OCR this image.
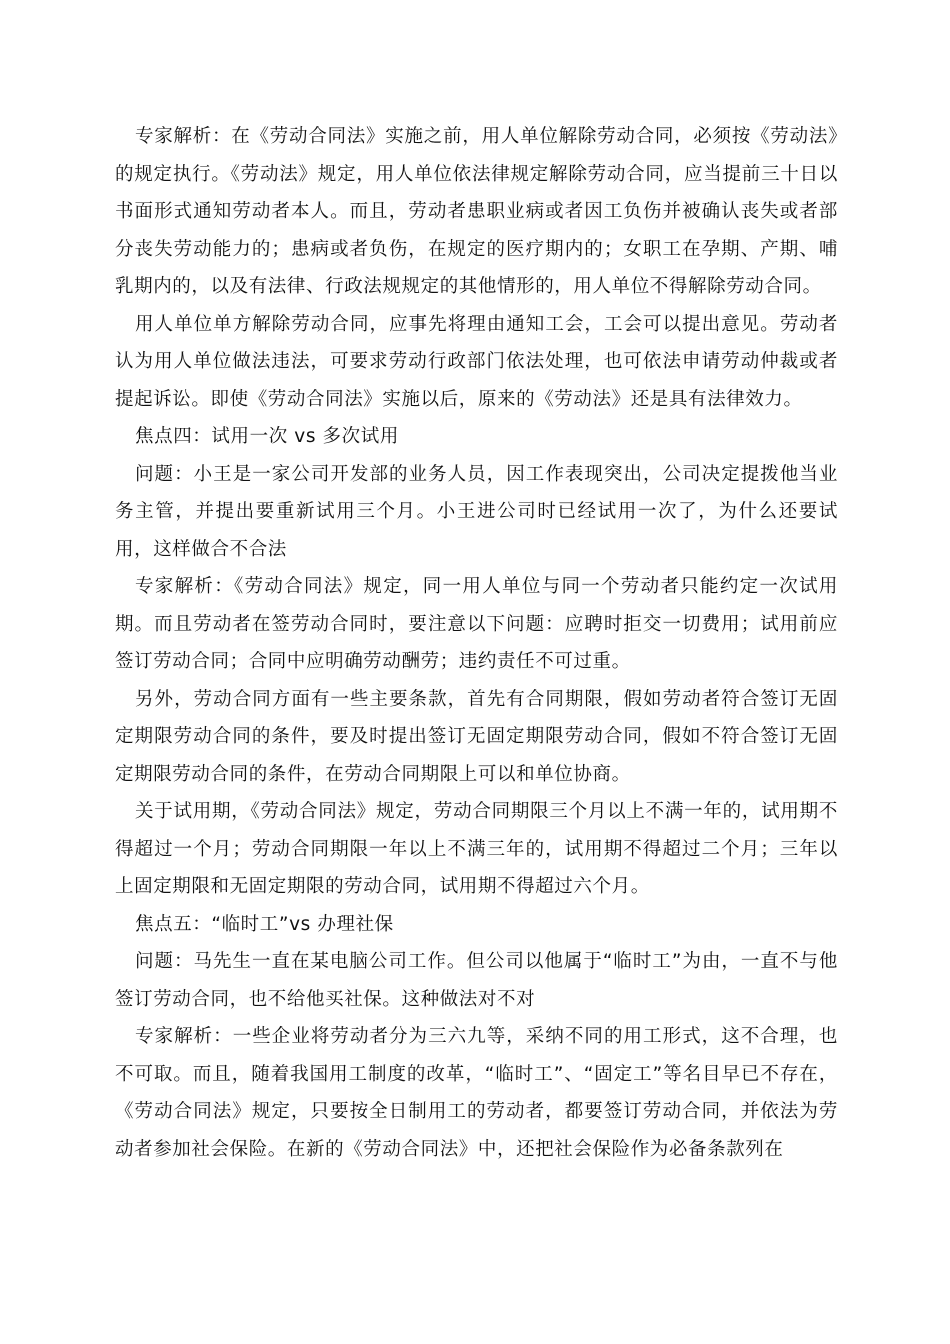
专家解析：在《劳动合同法》实施之前，用人单位解除劳动合同，必须按《劳动法》的规定执行。《劳动法》规定，用人单位依法律规定解除劳动合同，应当提前三十日以书面形式通知劳动者本人。而且，劳动者患职业病或者因工负伤并被确认丧失或者部分丧失劳动能力的；患病或者负伤，在规定的医疗期内的；女职工在孕期、产期、哺乳期内的，以及有法律、行政法规规定的其他情形的，用人单位不得解除劳动合同。

用人单位单方解除劳动合同，应事先将理由通知工会，工会可以提出意见。劳动者认为用人单位做法违法，可要求劳动行政部门依法处理，也可依法申请劳动仲裁或者提起诉讼。即使《劳动合同法》实施以后，原来的《劳动法》还是具有法律效力。

焦点四：试用一次 vs 多次试用

问题：小王是一家公司开发部的业务人员，因工作表现突出，公司决定提拨他当业务主管，并提出要重新试用三个月。小王进公司时已经试用一次了，为什么还要试用，这样做合不合法

专家解析：《劳动合同法》规定，同一用人单位与同一个劳动者只能约定一次试用期。而且劳动者在签劳动合同时，要注意以下问题：应聘时拒交一切费用；试用前应签订劳动合同；合同中应明确劳动酬劳；违约责任不可过重。

另外，劳动合同方面有一些主要条款，首先有合同期限，假如劳动者符合签订无固定期限劳动合同的条件，要及时提出签订无固定期限劳动合同，假如不符合签订无固定期限劳动合同的条件，在劳动合同期限上可以和单位协商。

关于试用期，《劳动合同法》规定，劳动合同期限三个月以上不满一年的，试用期不得超过一个月；劳动合同期限一年以上不满三年的，试用期不得超过二个月；三年以上固定期限和无固定期限的劳动合同，试用期不得超过六个月。

焦点五：“临时工”vs 办理社保

问题：马先生一直在某电脑公司工作。但公司以他属于“临时工”为由，一直不与他签订劳动合同，也不给他买社保。这种做法对不对

专家解析：一些企业将劳动者分为三六九等，采纳不同的用工形式，这不合理，也不可取。而且，随着我国用工制度的改革，“临时工”、“固定工”等名目早已不存在，《劳动合同法》规定，只要按全日制用工的劳动者，都要签订劳动合同，并依法为劳动者参加社会保险。在新的《劳动合同法》中，还把社会保险作为必备条款列在
